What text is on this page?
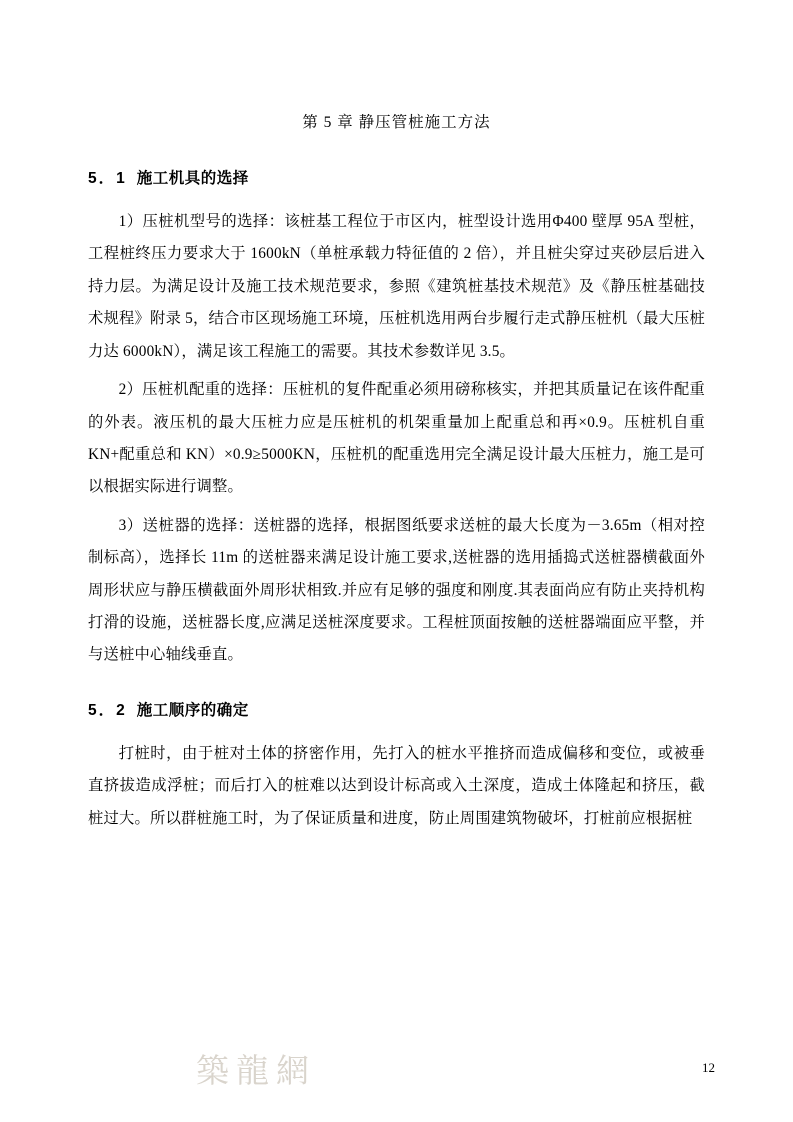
第 5 章 静压管桩施工方法
5．1 施工机具的选择

1）压桩机型号的选择：该桩基工程位于市区内，桩型设计选用Φ400 壁厚 95A 型桩，工程桩终压力要求大于 1600kN（单桩承载力特征值的 2 倍），并且桩尖穿过夹砂层后进入持力层。为满足设计及施工技术规范要求，参照《建筑桩基技术规范》及《静压桩基础技术规程》附录 5，结合市区现场施工环境，压桩机选用两台步履行走式静压桩机（最大压桩力达 6000kN），满足该工程施工的需要。其技术参数详见 3.5。

2）压桩机配重的选择：压桩机的复件配重必须用磅称核实，并把其质量记在该件配重的外表。液压机的最大压桩力应是压桩机的机架重量加上配重总和再×0.9。压桩机自重 KN+配重总和 KN）×0.9≥5000KN，压桩机的配重选用完全满足设计最大压桩力，施工是可以根据实际进行调整。

3）送桩器的选择：送桩器的选择，根据图纸要求送桩的最大长度为－3.65m（相对控制标高），选择长 11m 的送桩器来满足设计施工要求,送桩器的选用插捣式送桩器横截面外周形状应与静压横截面外周形状相致.并应有足够的强度和刚度.其表面尚应有防止夹持机构打滑的设施，送桩器长度,应满足送桩深度要求。工程桩顶面按触的送桩器端面应平整，并与送桩中心轴线垂直。

5．2 施工顺序的确定

打桩时，由于桩对土体的挤密作用，先打入的桩水平推挤而造成偏移和变位，或被垂直挤拔造成浮桩；而后打入的桩难以达到设计标高或入土深度，造成土体隆起和挤压，截桩过大。所以群桩施工时，为了保证质量和进度，防止周围建筑物破坏，打桩前应根据桩

築龍網	12
